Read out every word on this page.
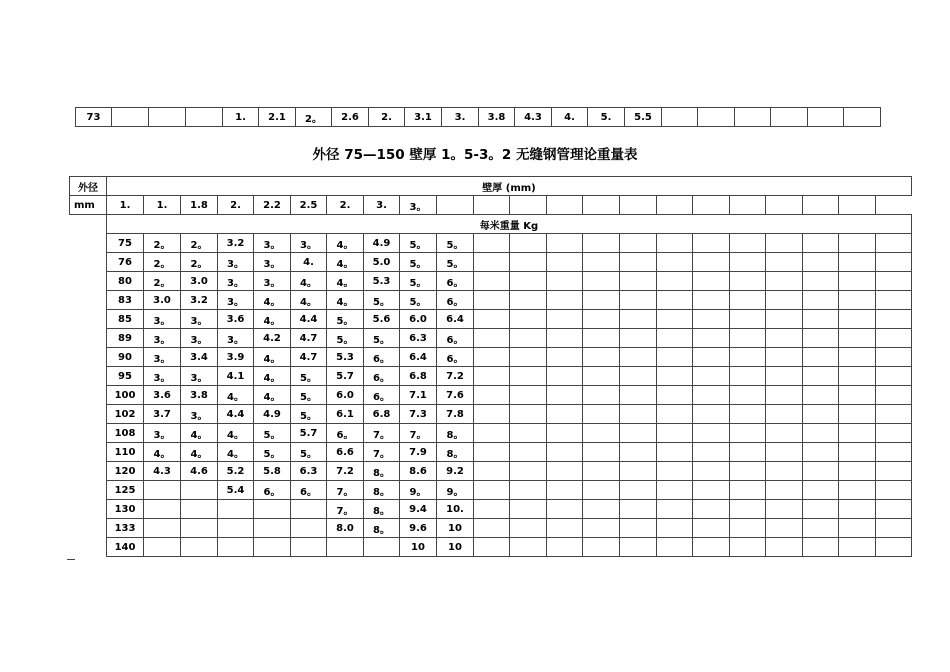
73				1.	2.1	2。	2.6	2.	3.1	3.	3.8	4.3	4.	5.	5.5						
外径 75—150 壁厚 1。5-3。2 无缝钢管理论重量表
外径	壁厚 (mm)																					
mm	1.	1.	1.8	2.	2.2	2.5	2.	3.	3。													
	每米重量 Kg																					
	75	2。	2。	3.2	3。	3。	4。	4.9	5。	5。												
	76	2。	2。	3。	3。	4.	4。	5.0	5。	5。												
	80	2。	3.0	3。	3。	4。	4。	5.3	5。	6。												
	83	3.0	3.2	3。	4。	4。	4。	5。	5。	6。												
	85	3。	3。	3.6	4。	4.4	5。	5.6	6.0	6.4												
	89	3。	3。	3。	4.2	4.7	5。	5。	6.3	6。												
	90	3。	3.4	3.9	4。	4.7	5.3	6。	6.4	6。												
	95	3。	3。	4.1	4。	5。	5.7	6。	6.8	7.2												
	100	3.6	3.8	4。	4。	5。	6.0	6。	7.1	7.6												
	102	3.7	3。	4.4	4.9	5。	6.1	6.8	7.3	7.8												
	108	3。	4。	4。	5。	5.7	6。	7。	7。	8。												
	110	4。	4。	4。	5。	5。	6.6	7。	7.9	8。												
	120	4.3	4.6	5.2	5.8	6.3	7.2	8。	8.6	9.2												
	125			5.4	6。	6。	7。	8。	9。	9。												
	130						7。	8。	9.4	10.												
	133						8.0	8。	9.6	10												
	140								10	10												
